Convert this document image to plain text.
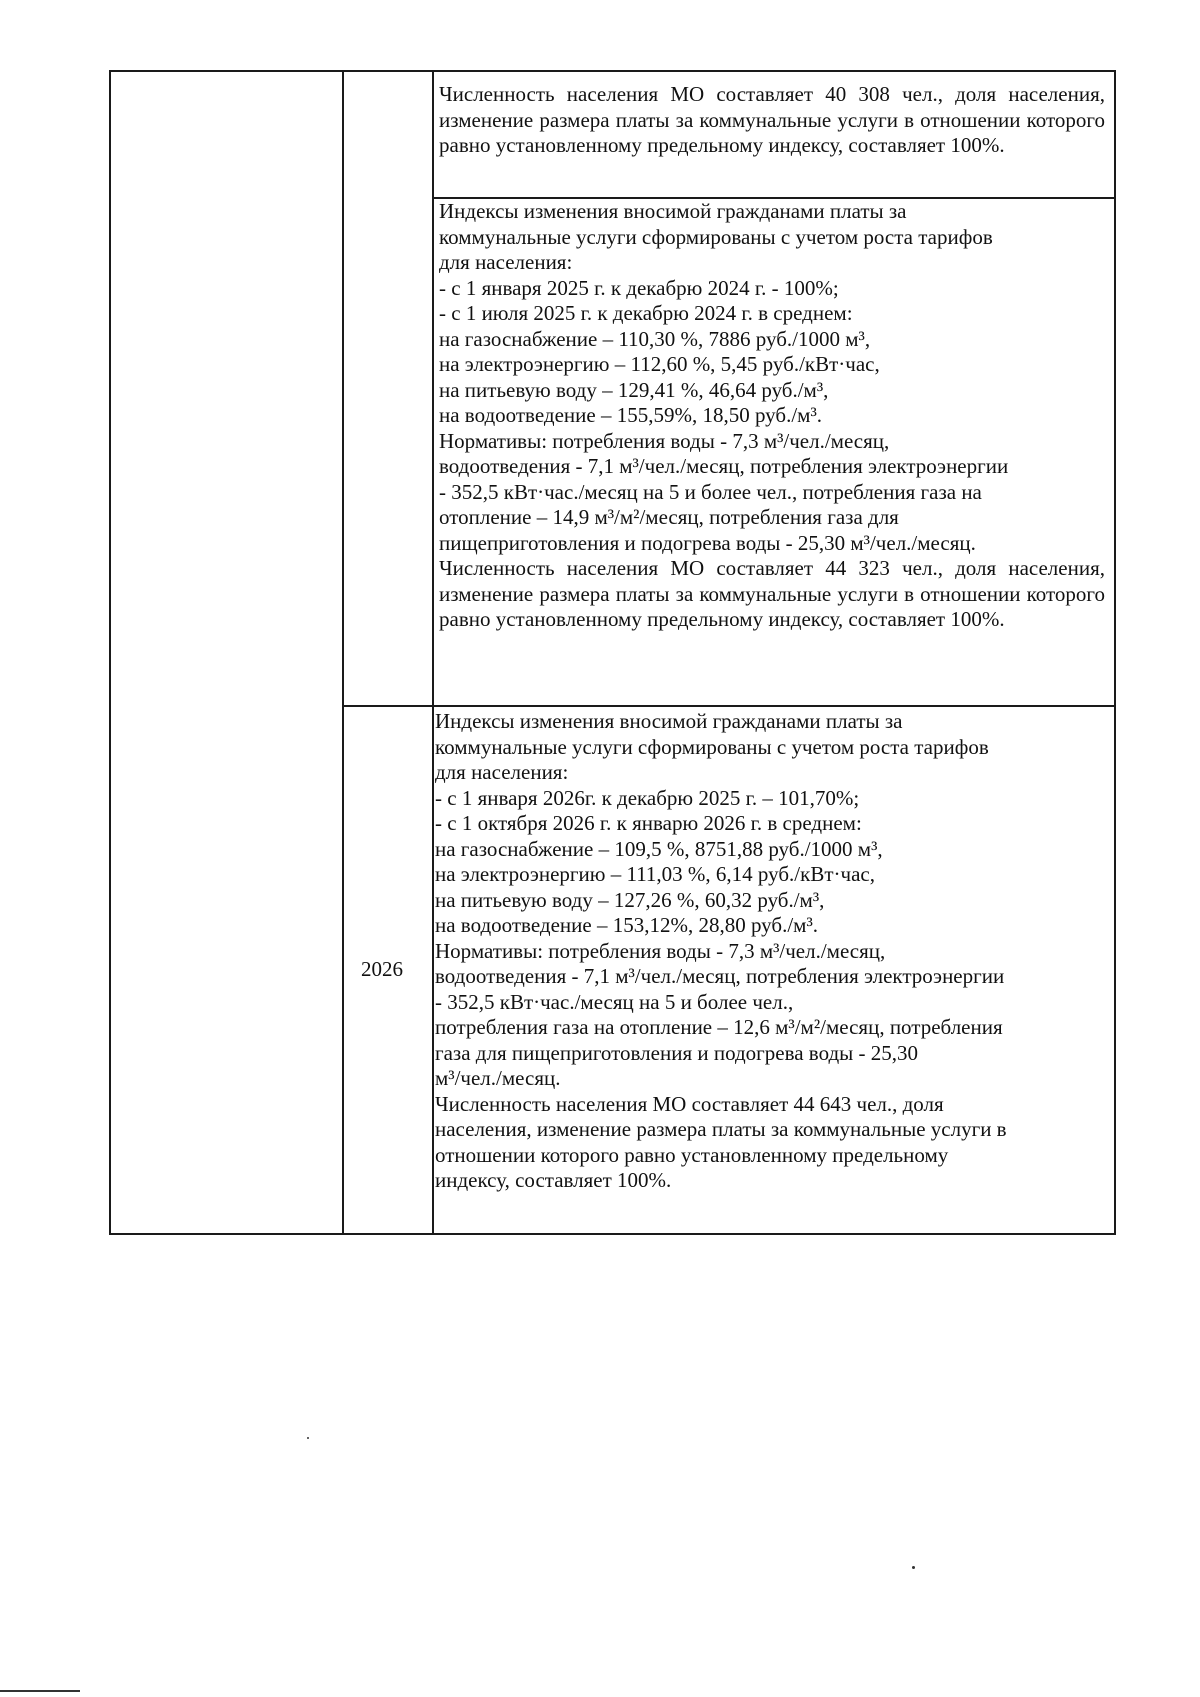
Численность населения МО составляет 40 308 чел., доля населения, изменение размера платы за коммунальные услуги в отношении которого равно установленному предельному индексу, составляет 100%.

Индексы изменения вносимой гражданами платы за

коммунальные услуги сформированы с учетом роста тарифов

для населения:

- с 1 января 2025 г. к декабрю 2024 г. - 100%;

- с 1 июля 2025 г. к декабрю 2024 г. в среднем:

на газоснабжение – 110,30 %, 7886 руб./1000 м³,

на электроэнергию – 112,60 %, 5,45 руб./кВт·час,

на питьевую воду – 129,41 %, 46,64 руб./м³,

на водоотведение – 155,59%, 18,50 руб./м³.

Нормативы: потребления воды - 7,3 м³/чел./месяц,

водоотведения - 7,1 м³/чел./месяц, потребления электроэнергии

- 352,5 кВт·час./месяц на 5 и более чел., потребления газа на

отопление – 14,9 м³/м²/месяц, потребления газа для

пищеприготовления и подогрева воды - 25,30 м³/чел./месяц.

Численность населения МО составляет 44 323 чел., доля населения, изменение размера платы за коммунальные услуги в отношении которого равно установленному предельному индексу, составляет 100%.

2026

Индексы изменения вносимой гражданами платы за

коммунальные услуги сформированы с учетом роста тарифов

для населения:

- с 1 января 2026г. к декабрю 2025 г. – 101,70%;

- с 1 октября 2026 г. к январю 2026 г. в среднем:

на газоснабжение – 109,5 %, 8751,88 руб./1000 м³,

на электроэнергию – 111,03 %, 6,14 руб./кВт·час,

на питьевую воду – 127,26 %, 60,32 руб./м³,

на водоотведение – 153,12%, 28,80 руб./м³.

Нормативы: потребления воды - 7,3 м³/чел./месяц,

водоотведения - 7,1 м³/чел./месяц, потребления электроэнергии

- 352,5 кВт·час./месяц на 5 и более чел.,

потребления газа на отопление – 12,6 м³/м²/месяц, потребления

газа для пищеприготовления и подогрева воды - 25,30

м³/чел./месяц.

Численность населения МО составляет 44 643 чел., доля

населения, изменение размера платы за коммунальные услуги в

отношении которого равно установленному предельному

индексу, составляет 100%.
